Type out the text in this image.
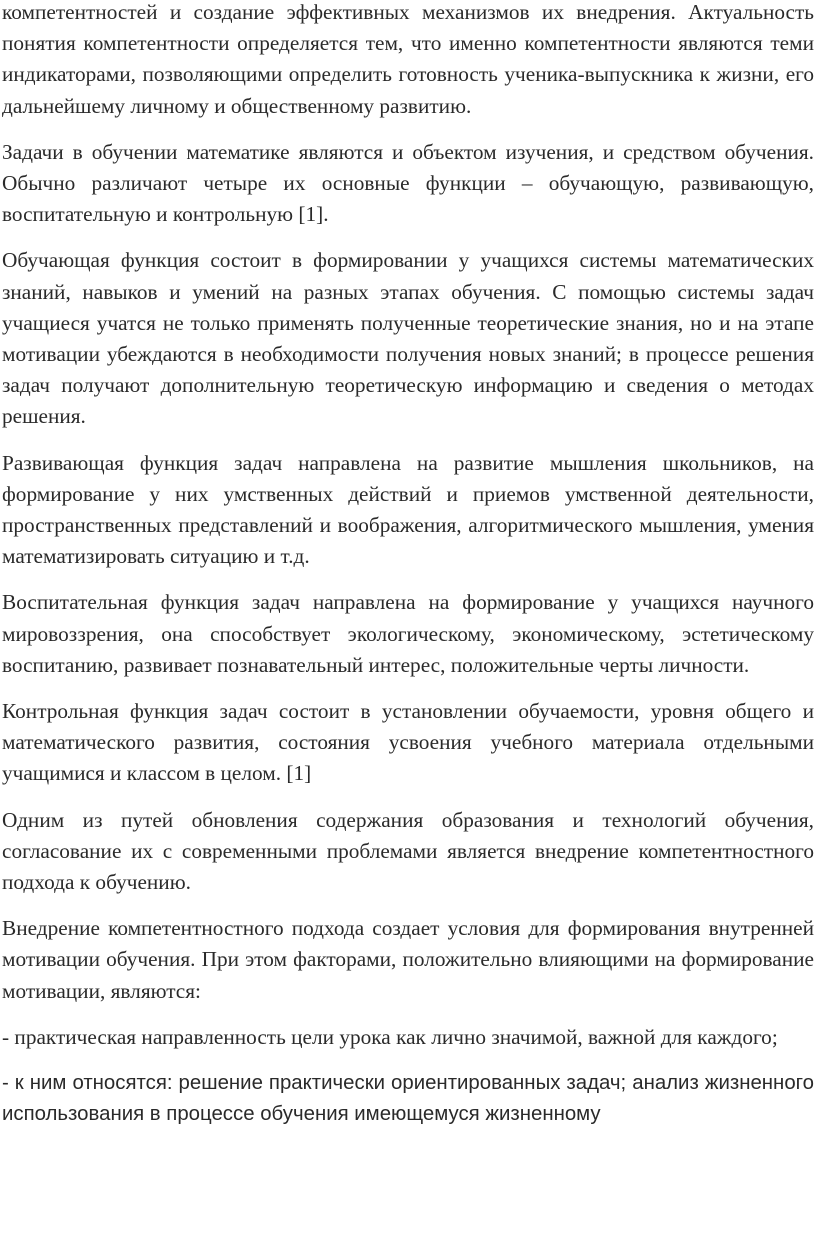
компетентностей и создание эффективных механизмов их внедрения. Актуальность понятия компетентности определяется тем, что именно компетентности являются теми индикаторами, позволяющими определить готовность ученика-выпускника к жизни, его дальнейшему личному и общественному развитию.

Задачи в обучении математике являются и объектом изучения, и средством обучения. Обычно различают четыре их основные функции – обучающую, развивающую, воспитательную и контрольную [1].

Обучающая функция состоит в формировании у учащихся системы математических знаний, навыков и умений на разных этапах обучения. С помощью системы задач учащиеся учатся не только применять полученные теоретические знания, но и на этапе мотивации убеждаются в необходимости получения новых знаний; в процессе решения задач получают дополнительную теоретическую информацию и сведения о методах решения.

Развивающая функция задач направлена на развитие мышления школьников, на формирование у них умственных действий и приемов умственной деятельности, пространственных представлений и воображения, алгоритмического мышления, умения математизировать ситуацию и т.д.

Воспитательная функция задач направлена на формирование у учащихся научного мировоззрения, она способствует экологическому, экономическому, эстетическому воспитанию, развивает познавательный интерес, положительные черты личности.

Контрольная функция задач состоит в установлении обучаемости, уровня общего и математического развития, состояния усвоения учебного материала отдельными учащимися и классом в целом. [1]

Одним из путей обновления содержания образования и технологий обучения, согласование их с современными проблемами является внедрение компетентностного подхода к обучению.

Внедрение компетентностного подхода создает условия для формирования внутренней мотивации обучения. При этом факторами, положительно влияющими на формирование мотивации, являются:

- практическая направленность цели урока как лично значимой, важной для каждого;

- к ним относятся: решение практически ориентированных задач; анализ жизненного использования в процессе обучения имеющемуся жизненному
